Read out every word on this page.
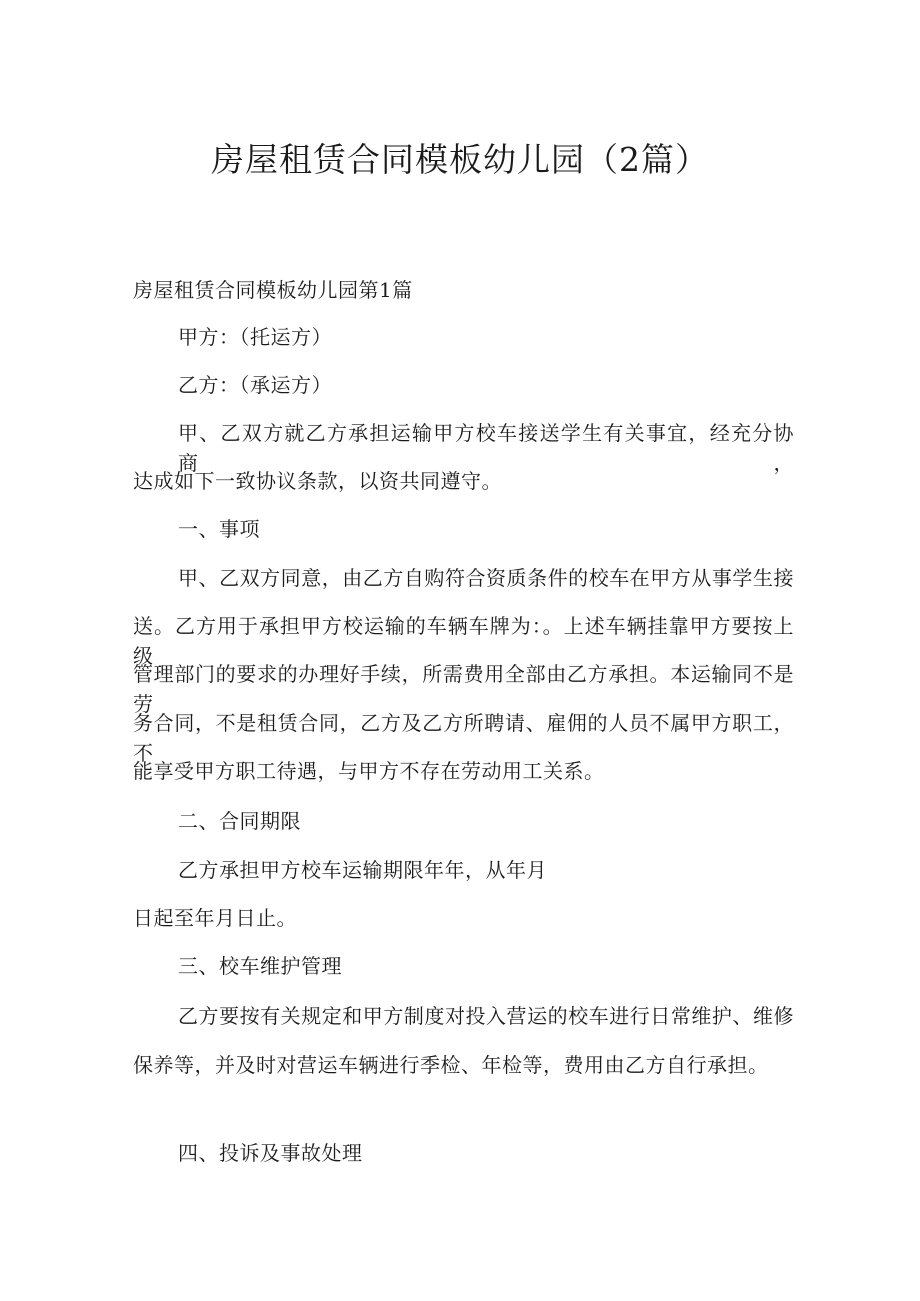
房屋租赁合同模板幼儿园（2篇）
房屋租赁合同模板幼儿园第1篇
甲方：（托运方）
乙方：（承运方）
甲、乙双方就乙方承担运输甲方校车接送学生有关事宜，经充分协商，
达成如下一致协议条款，以资共同遵守。
一、事项
甲、乙双方同意，由乙方自购符合资质条件的校车在甲方从事学生接
送。乙方用于承担甲方校运输的车辆车牌为：。上述车辆挂靠甲方要按上级
管理部门的要求的办理好手续，所需费用全部由乙方承担。本运输同不是劳
务合同，不是租赁合同，乙方及乙方所聘请、雇佣的人员不属甲方职工，不
能享受甲方职工待遇，与甲方不存在劳动用工关系。
二、合同期限
乙方承担甲方校车运输期限年年，从年月
日起至年月日止。
三、校车维护管理
乙方要按有关规定和甲方制度对投入营运的校车进行日常维护、维修
保养等，并及时对营运车辆进行季检、年检等，费用由乙方自行承担。
四、投诉及事故处理
